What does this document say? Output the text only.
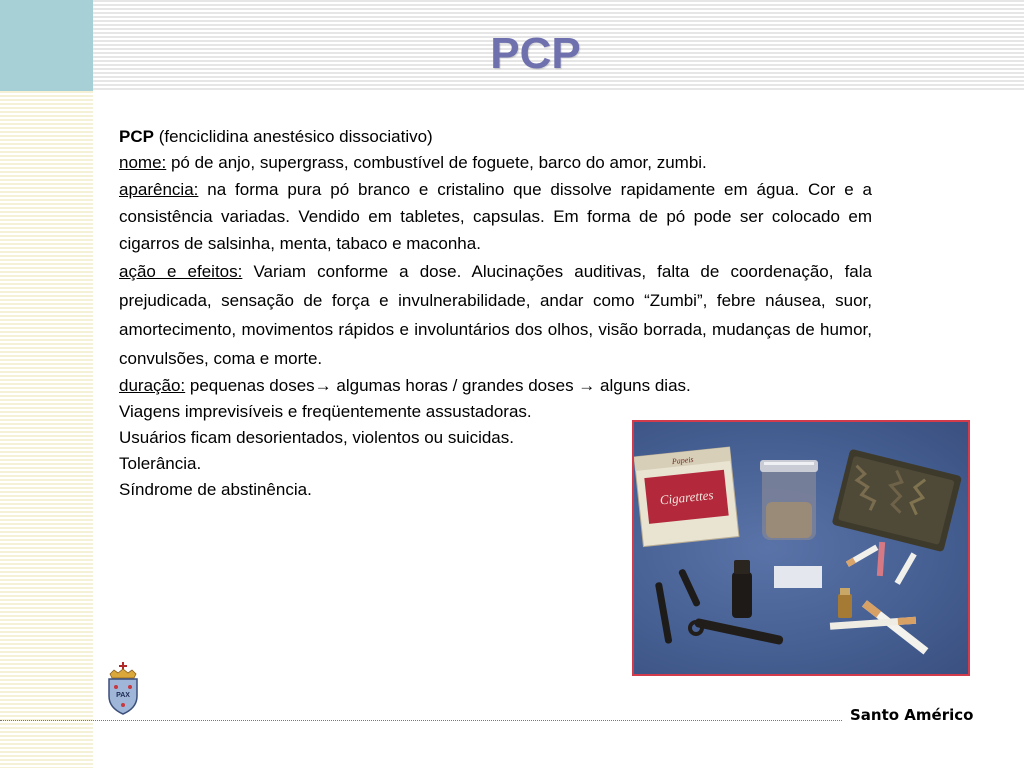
PCP

PCP (fenciclidina anestésico dissociativo)

nome: pó de anjo, supergrass, combustível de foguete, barco do amor, zumbi.

aparência: na forma pura pó branco e cristalino que dissolve rapidamente em água. Cor e a consistência variadas. Vendido em tabletes, capsulas. Em forma de pó pode ser colocado em cigarros de salsinha, menta, tabaco e maconha.

ação e efeitos: Variam conforme a dose. Alucinações auditivas, falta de coordenação, fala prejudicada, sensação de força e invulnerabilidade, andar como “Zumbi”, febre náusea, suor, amortecimento, movimentos rápidos e involuntários dos olhos, visão borrada, mudanças de humor, convulsões, coma e morte.

duração: pequenas doses→ algumas horas / grandes doses → alguns dias.

Viagens imprevisíveis e freqüentemente assustadoras.

Usuários ficam desorientados, violentos ou suicidas.

Tolerância.

Síndrome de abstinência.

Papeis
Cigarettes
PAX
Santo Américo
